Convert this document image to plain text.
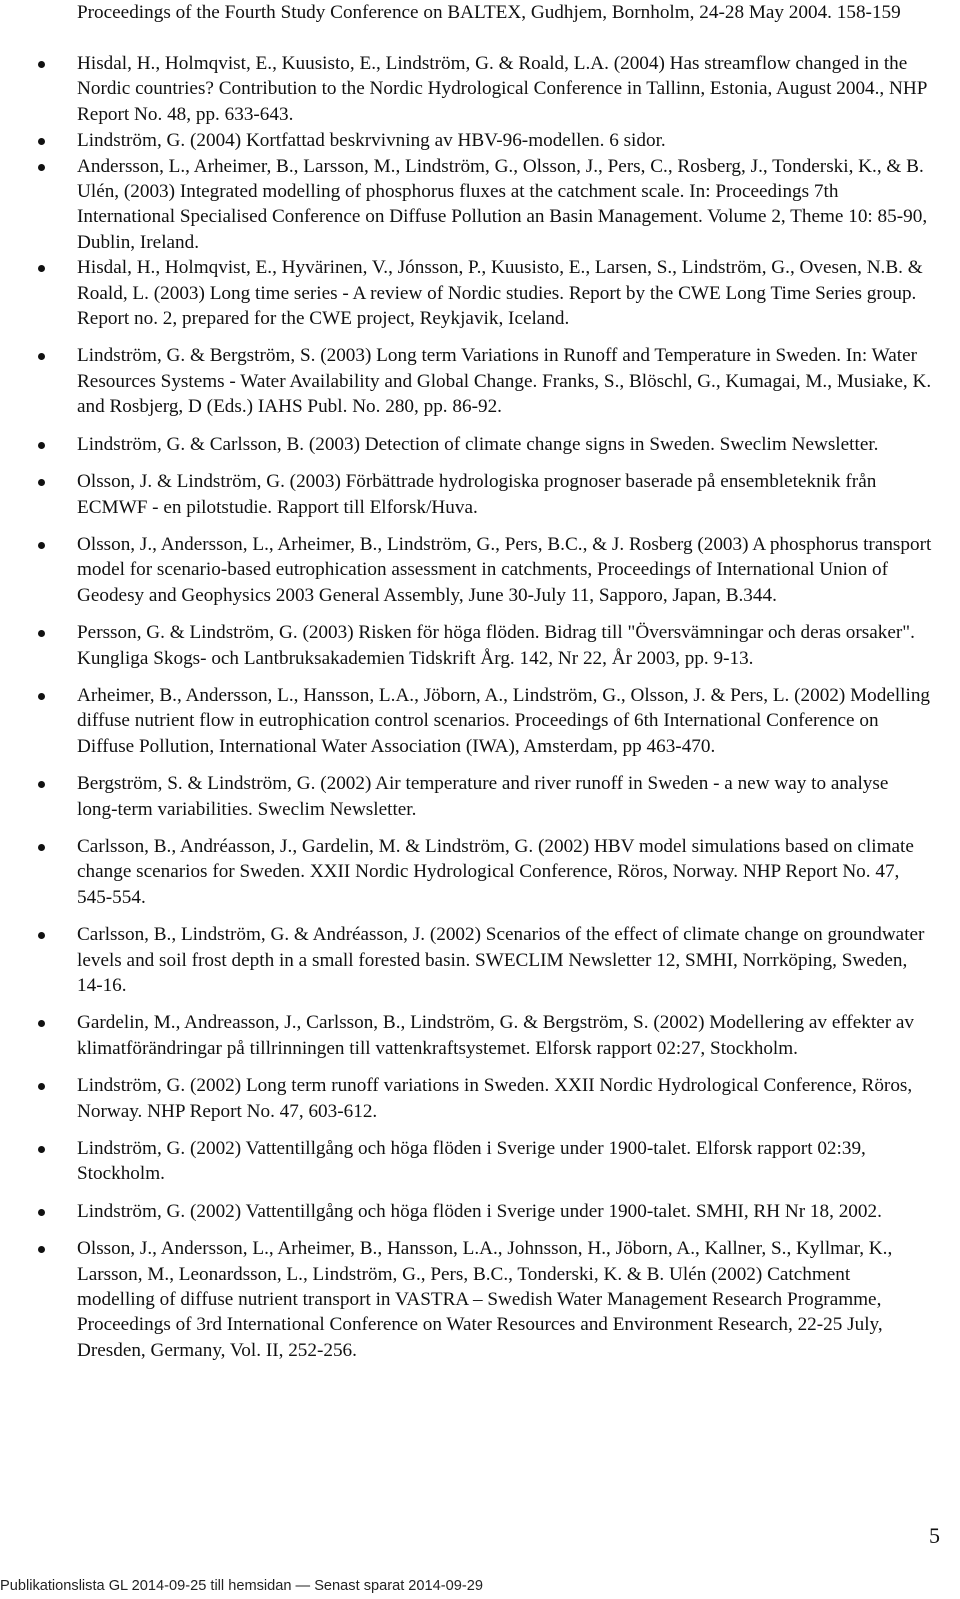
Proceedings of the Fourth Study Conference on BALTEX, Gudhjem, Bornholm, 24-28 May 2004. 158-159
Hisdal, H., Holmqvist, E., Kuusisto, E., Lindström, G. & Roald, L.A. (2004) Has streamflow changed in the Nordic countries? Contribution to the Nordic Hydrological Conference in Tallinn, Estonia, August 2004., NHP Report No. 48, pp. 633-643.
Lindström, G. (2004) Kortfattad beskrvivning av HBV-96-modellen. 6 sidor.
Andersson, L., Arheimer, B., Larsson, M., Lindström, G., Olsson, J., Pers, C., Rosberg, J., Tonderski, K., & B. Ulén, (2003) Integrated modelling of phosphorus fluxes at the catchment scale. In: Proceedings 7th International Specialised Conference on Diffuse Pollution an Basin Management. Volume 2, Theme 10: 85-90, Dublin, Ireland.
Hisdal, H., Holmqvist, E., Hyvärinen, V., Jónsson, P., Kuusisto, E., Larsen, S., Lindström, G., Ovesen, N.B. & Roald, L. (2003) Long time series - A review of Nordic studies. Report by the CWE Long Time Series group. Report no. 2, prepared for the CWE project, Reykjavik, Iceland.
Lindström, G. & Bergström, S. (2003) Long term Variations in Runoff and Temperature in Sweden. In: Water Resources Systems - Water Availability and Global Change. Franks, S., Blöschl, G., Kumagai, M., Musiake, K. and Rosbjerg, D (Eds.) IAHS Publ. No. 280, pp. 86-92.
Lindström, G. & Carlsson, B. (2003) Detection of climate change signs in Sweden. Sweclim Newsletter.
Olsson, J. & Lindström, G. (2003) Förbättrade hydrologiska prognoser baserade på ensembleteknik från ECMWF - en pilotstudie. Rapport till Elforsk/Huva.
Olsson, J., Andersson, L., Arheimer, B., Lindström, G., Pers, B.C., & J. Rosberg (2003) A phosphorus transport model for scenario-based eutrophication assessment in catchments, Proceedings of International Union of Geodesy and Geophysics 2003 General Assembly, June 30-July 11, Sapporo, Japan, B.344.
Persson, G. & Lindström, G. (2003) Risken för höga flöden. Bidrag till "Översvämningar och deras orsaker". Kungliga Skogs- och Lantbruksakademien Tidskrift Årg. 142, Nr 22, År 2003, pp. 9-13.
Arheimer, B., Andersson, L., Hansson, L.A., Jöborn, A., Lindström, G., Olsson, J. & Pers, L. (2002) Modelling diffuse nutrient flow in eutrophication control scenarios. Proceedings of 6th International Conference on Diffuse Pollution, International Water Association (IWA), Amsterdam, pp 463-470.
Bergström, S. & Lindström, G. (2002) Air temperature and river runoff in Sweden - a new way to analyse long-term variabilities. Sweclim Newsletter.
Carlsson, B., Andréasson, J., Gardelin, M. & Lindström, G. (2002) HBV model simulations based on climate change scenarios for Sweden. XXII Nordic Hydrological Conference, Röros, Norway. NHP Report No. 47, 545-554.
Carlsson, B., Lindström, G. & Andréasson, J. (2002) Scenarios of the effect of climate change on groundwater levels and soil frost depth in a small forested basin. SWECLIM Newsletter 12, SMHI, Norrköping, Sweden, 14-16.
Gardelin, M., Andreasson, J., Carlsson, B., Lindström, G. & Bergström, S. (2002) Modellering av effekter av klimatförändringar på tillrinningen till vattenkraftsystemet. Elforsk rapport 02:27, Stockholm.
Lindström, G. (2002) Long term runoff variations in Sweden. XXII Nordic Hydrological Conference, Röros, Norway. NHP Report No. 47, 603-612.
Lindström, G. (2002) Vattentillgång och höga flöden i Sverige under 1900-talet. Elforsk rapport 02:39, Stockholm.
Lindström, G. (2002) Vattentillgång och höga flöden i Sverige under 1900-talet. SMHI, RH Nr 18, 2002.
Olsson, J., Andersson, L., Arheimer, B., Hansson, L.A., Johnsson, H., Jöborn, A., Kallner, S., Kyllmar, K., Larsson, M., Leonardsson, L., Lindström, G., Pers, B.C., Tonderski, K. & B. Ulén (2002) Catchment modelling of diffuse nutrient transport in VASTRA – Swedish Water Management Research Programme, Proceedings of 3rd International Conference on Water Resources and Environment Research, 22-25 July, Dresden, Germany, Vol. II, 252-256.
5
Publikationslista GL 2014-09-25 till hemsidan — Senast sparat 2014-09-29
